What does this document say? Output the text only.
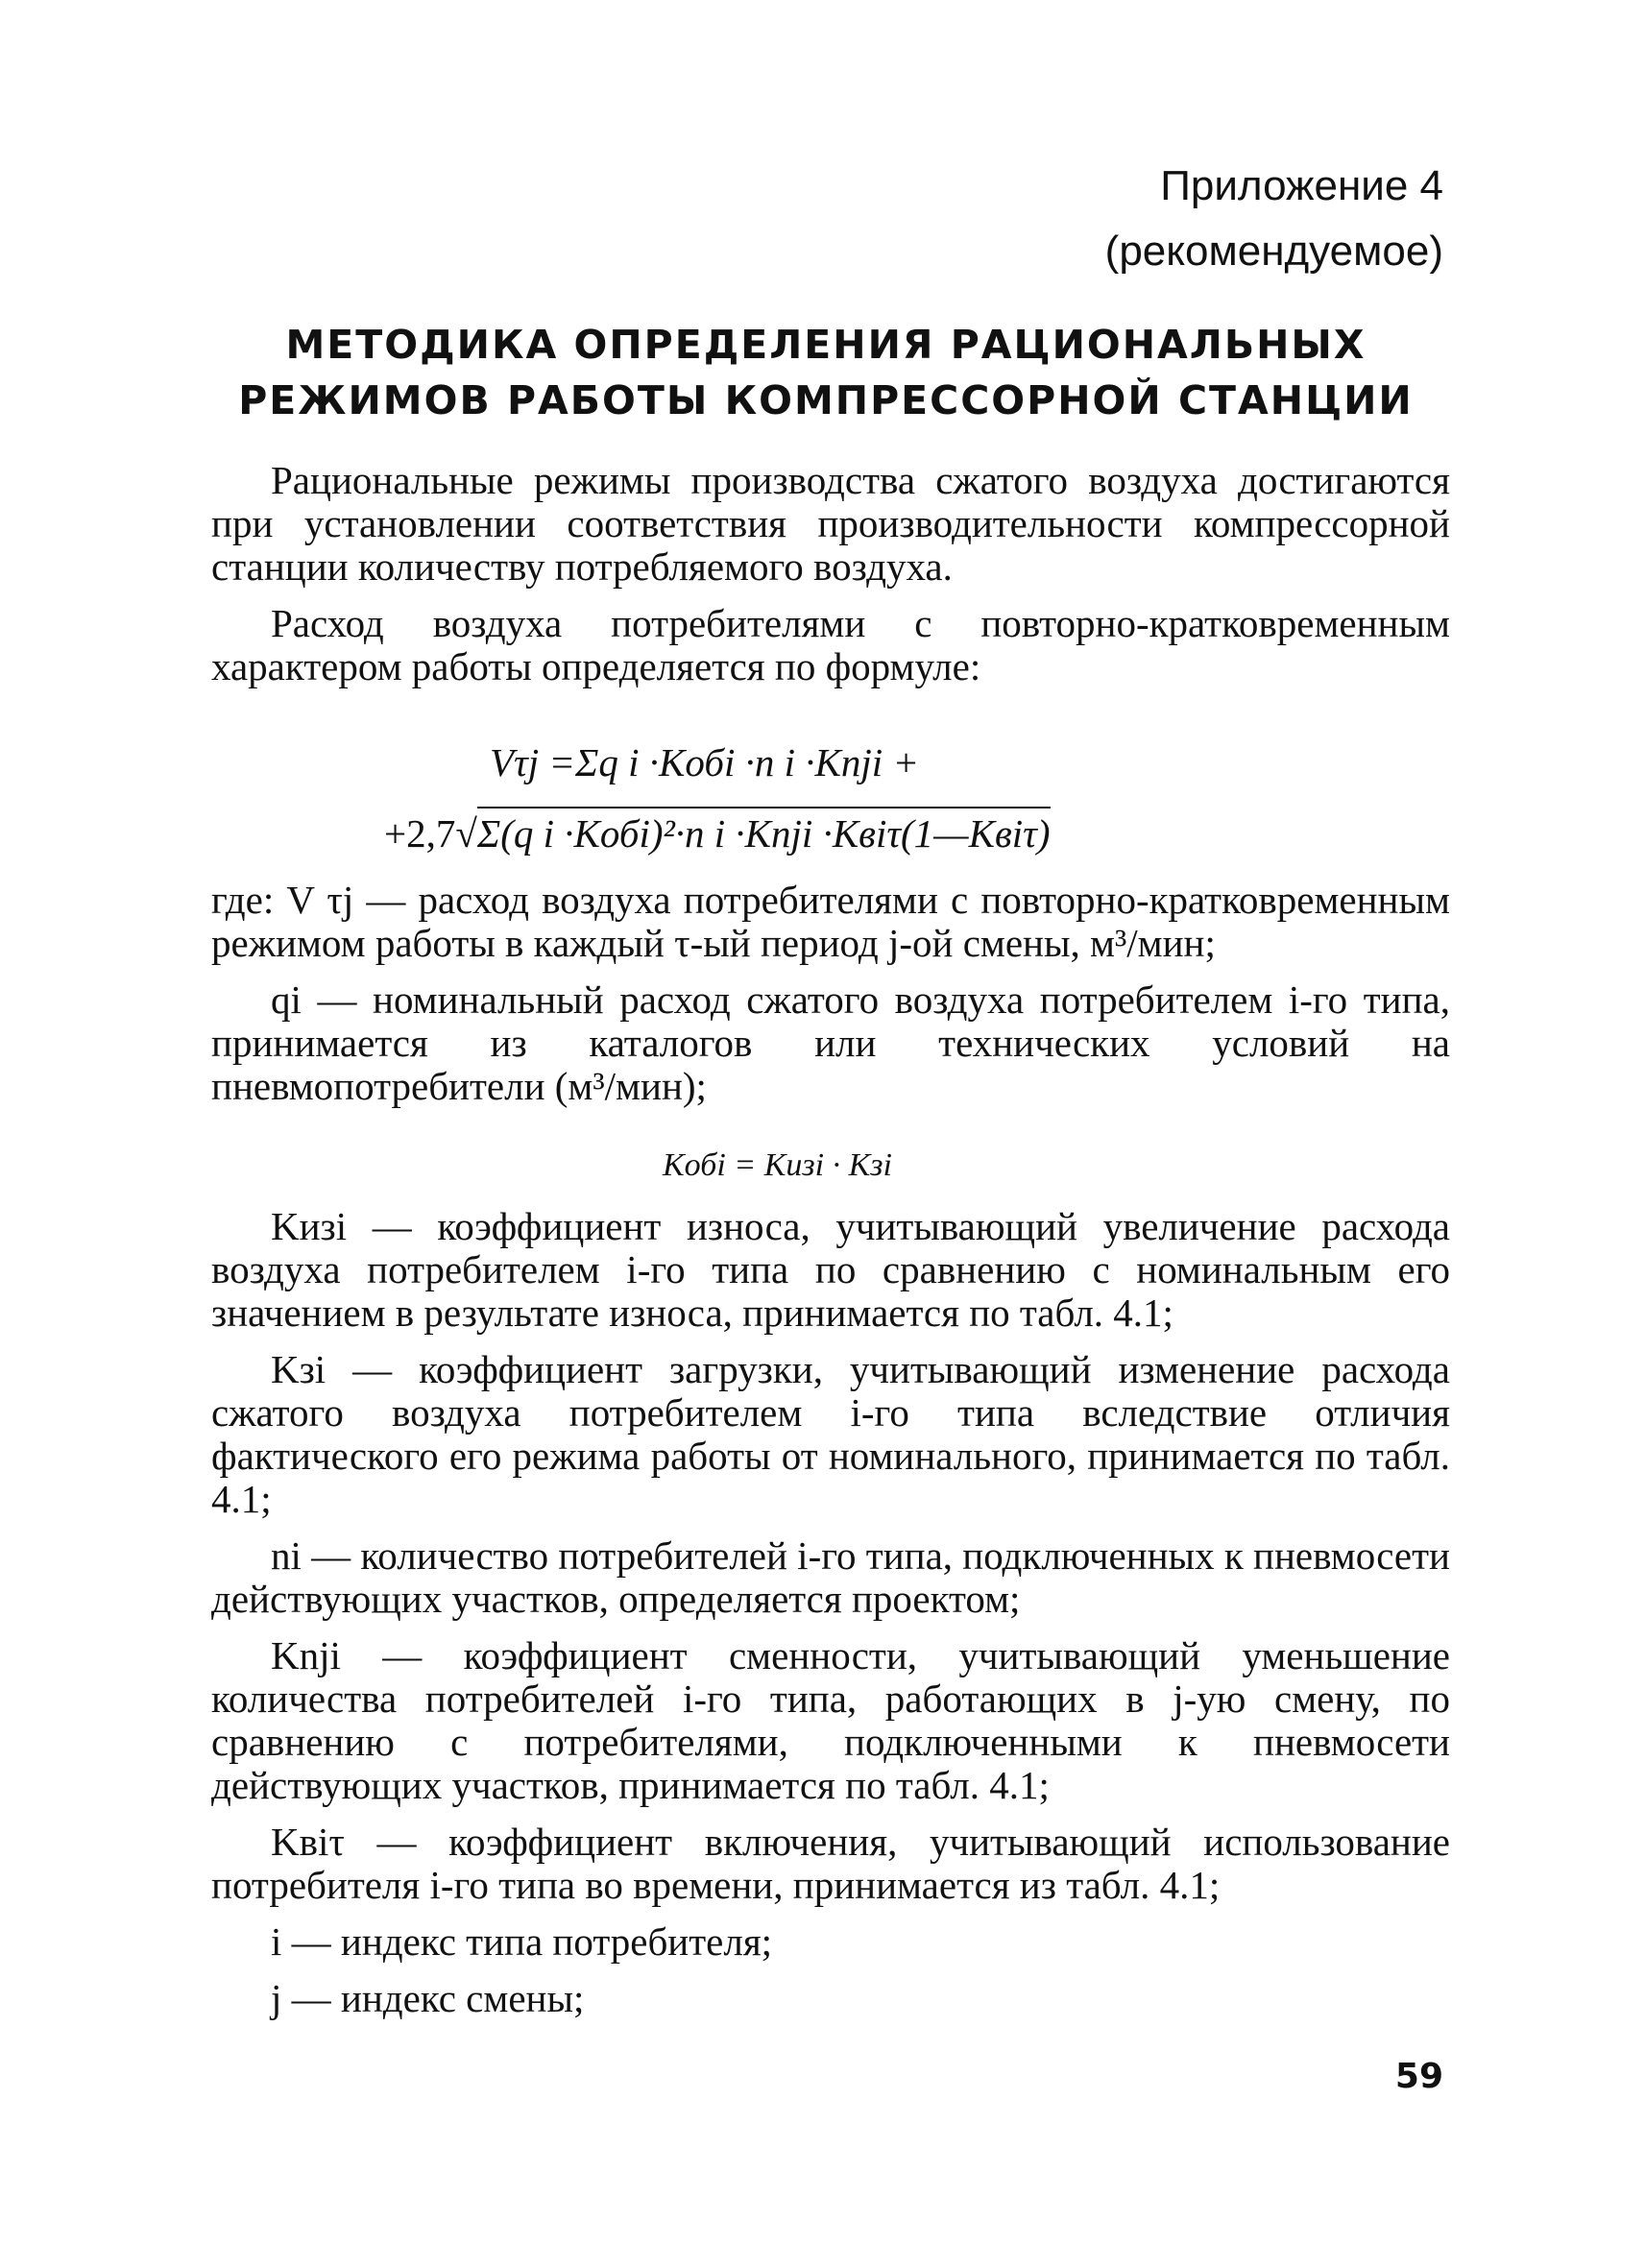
Приложение 4
(рекомендуемое)
МЕТОДИКА ОПРЕДЕЛЕНИЯ РАЦИОНАЛЬНЫХ
РЕЖИМОВ РАБОТЫ КОМПРЕССОРНОЙ СТАНЦИИ

Рациональные режимы производства сжатого воздуха достигаются при установлении соответствия производительности компрессорной станции количеству потребляемого воздуха.

Расход воздуха потребителями с повторно-кратковременным характером работы определяется по формуле:

Vτj =Σq i ·Kобi ·n i ·Knji +
+2,7√Σ(q i ·Kобi)²·n i ·Knji ·Kвiτ(1—Kвiτ)

где: V τj — расход воздуха потребителями с повторно-кратковременным режимом работы в каждый τ-ый период j-ой смены, м³/мин;

qi — номинальный расход сжатого воздуха потребителем i-го типа, принимается из каталогов или технических условий на пневмопотребители (м³/мин);

Kобi = Kизi · Kзi

Kизi — коэффициент износа, учитывающий увеличение расхода воздуха потребителем i-го типа по сравнению с номинальным его значением в результате износа, принимается по табл. 4.1;

Kзi — коэффициент загрузки, учитывающий изменение расхода сжатого воздуха потребителем i-го типа вследствие отличия фактического его режима работы от номинального, принимается по табл. 4.1;

ni — количество потребителей i-го типа, подключенных к пневмосети действующих участков, определяется проектом;

Knji — коэффициент сменности, учитывающий уменьшение количества потребителей i-го типа, работающих в j-ую смену, по сравнению с потребителями, подключенными к пневмосети действующих участков, принимается по табл. 4.1;

Kвiτ — коэффициент включения, учитывающий использование потребителя i-го типа во времени, принимается из табл. 4.1;

i — индекс типа потребителя;

j — индекс смены;

59
